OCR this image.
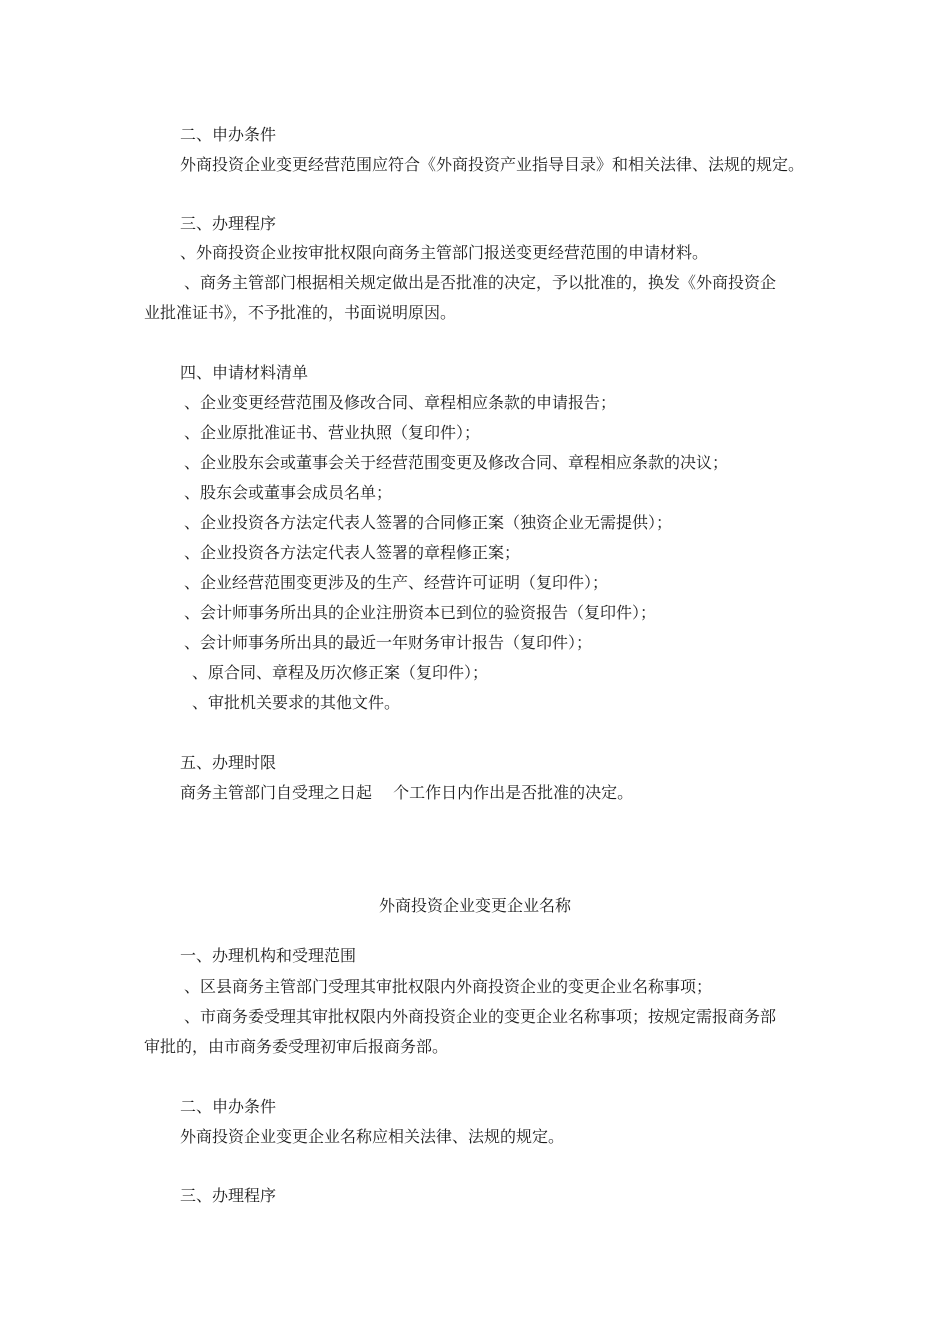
二、申办条件
外商投资企业变更经营范围应符合《外商投资产业指导目录》和相关法律、法规的规定。
三、办理程序
、外商投资企业按审批权限向商务主管部门报送变更经营范围的申请材料。
、商务主管部门根据相关规定做出是否批准的决定，予以批准的，换发《外商投资企
业批准证书》，不予批准的，书面说明原因。
四、申请材料清单
、企业变更经营范围及修改合同、章程相应条款的申请报告；
、企业原批准证书、营业执照（复印件）；
、企业股东会或董事会关于经营范围变更及修改合同、章程相应条款的决议；
、股东会或董事会成员名单；
、企业投资各方法定代表人签署的合同修正案（独资企业无需提供）；
、企业投资各方法定代表人签署的章程修正案；
、企业经营范围变更涉及的生产、经营许可证明（复印件）；
、会计师事务所出具的企业注册资本已到位的验资报告（复印件）；
、会计师事务所出具的最近一年财务审计报告（复印件）；
、原合同、章程及历次修正案（复印件）；
、审批机关要求的其他文件。
五、办理时限
商务主管部门自受理之日起　 个工作日内作出是否批准的决定。
外商投资企业变更企业名称
一、办理机构和受理范围
、区县商务主管部门受理其审批权限内外商投资企业的变更企业名称事项；
、市商务委受理其审批权限内外商投资企业的变更企业名称事项；按规定需报商务部
审批的，由市商务委受理初审后报商务部。
二、申办条件
外商投资企业变更企业名称应相关法律、法规的规定。
三、办理程序
